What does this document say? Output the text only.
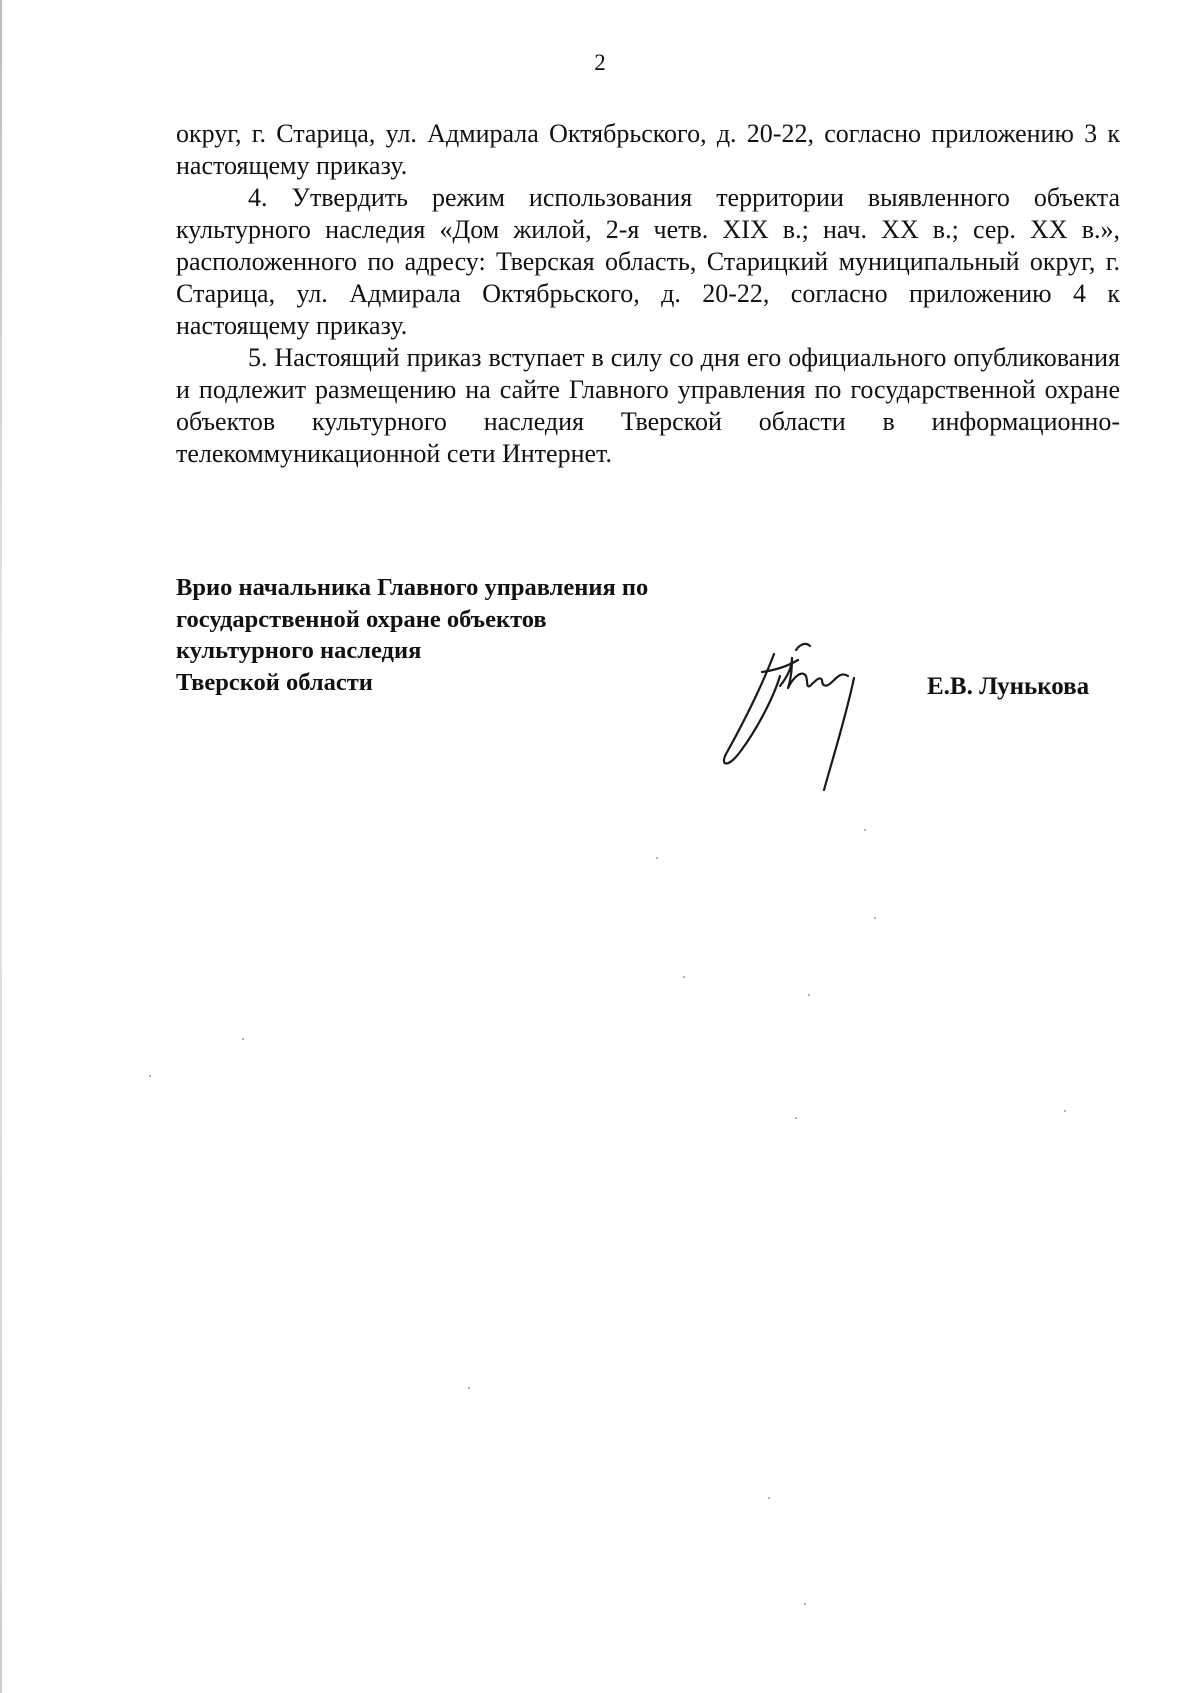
2

округ, г. Старица, ул. Адмирала Октябрьского, д. 20-22, согласно приложению 3 к настоящему приказу.

4. Утвердить режим использования территории выявленного объекта культурного наследия «Дом жилой, 2-я четв. XIX в.; нач. XX в.; сер. XX в.», расположенного по адресу: Тверская область, Старицкий муниципальный округ, г. Старица, ул. Адмирала Октябрьского, д. 20-22, согласно приложению 4 к настоящему приказу.

5. Настоящий приказ вступает в силу со дня его официального опубликования и подлежит размещению на сайте Главного управления по государственной охране объектов культурного наследия Тверской области в информационно-телекоммуникационной сети Интернет.

Врио начальника Главного управления по
государственной охране объектов
культурного наследия
Тверской области	Е.В. Лунькова
